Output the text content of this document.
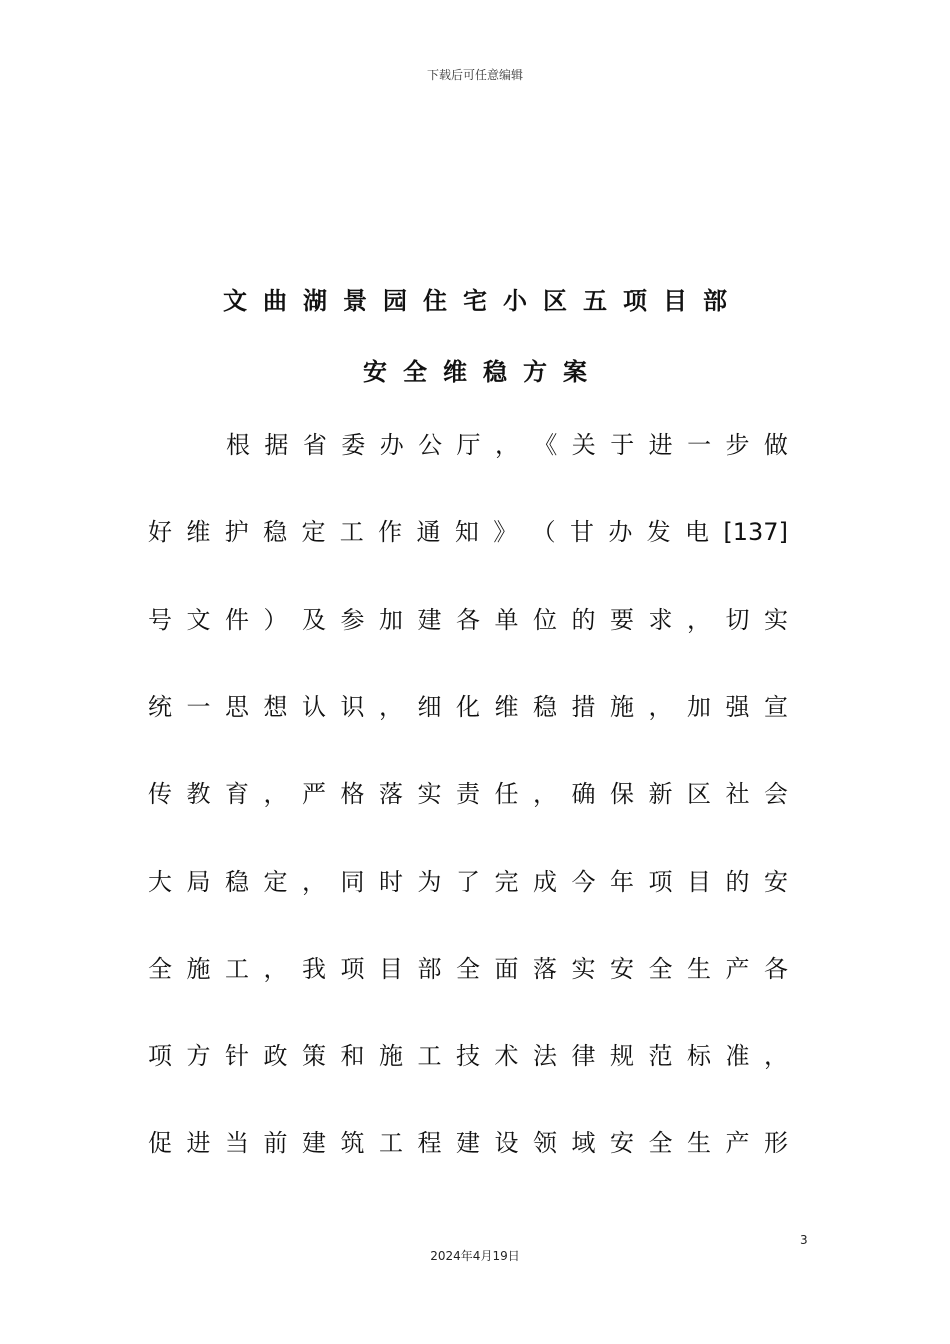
下载后可任意编辑
文曲湖景园住宅小区五项目部
安全维稳方案
根 据 省 委 办 公 厅 ， 《 关 于 进 一 步 做
好 维 护 稳 定 工 作 通 知 》 （ 甘 办 发 电 [137]
号 文 件 ） 及 参 加 建 各 单 位 的 要 求 ， 切 实
统 一 思 想 认 识 ， 细 化 维 稳 措 施 ， 加 强 宣
传 教 育 ， 严 格 落 实 责 任 ， 确 保 新 区 社 会
大 局 稳 定 ， 同 时 为 了 完 成 今 年 项 目 的 安
全 施 工 ， 我 项 目 部 全 面 落 实 安 全 生 产 各
项 方 针 政 策 和 施 工 技 术 法 律 规 范 标 准 ，
促 进 当 前 建 筑 工 程 建 设 领 域 安 全 生 产 形
3
2024年4月19日
